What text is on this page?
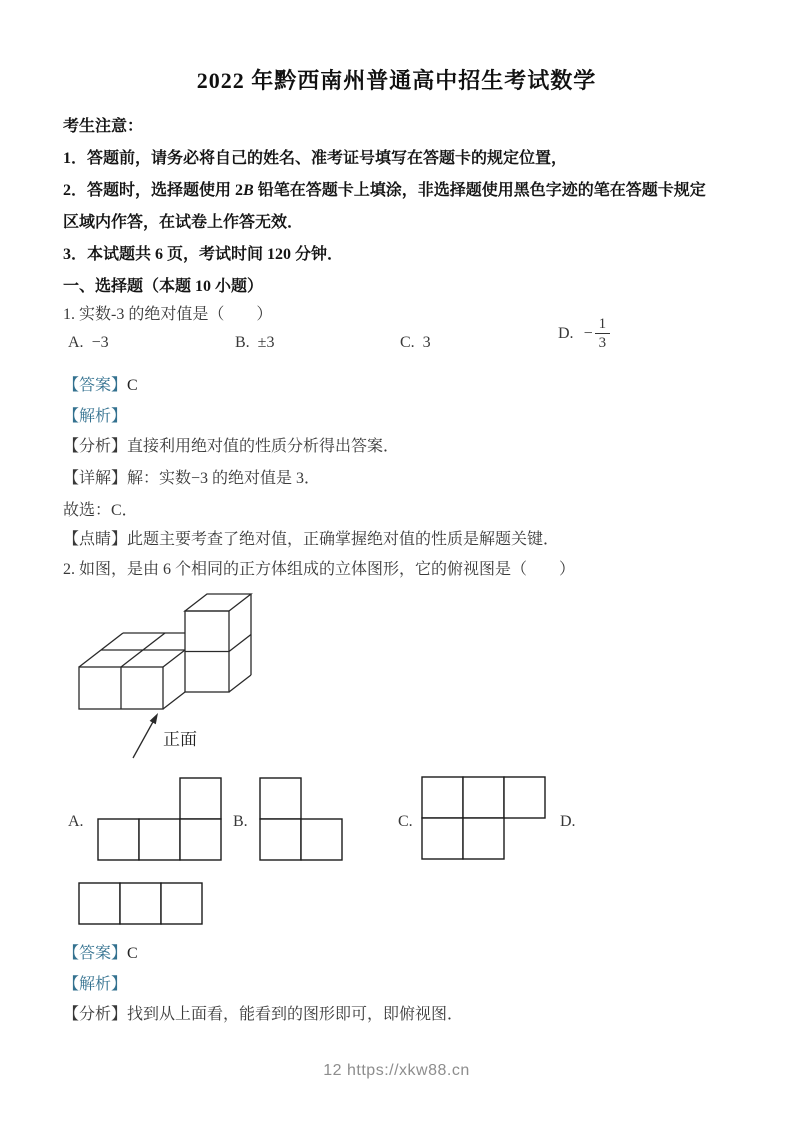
2022 年黔西南州普通高中招生考试数学
考生注意：
1．答题前，请务必将自己的姓名、准考证号填写在答题卡的规定位置，
2．答题时，选择题使用 2B 铅笔在答题卡上填涂，非选择题使用黑色字迹的笔在答题卡规定
区域内作答，在试卷上作答无效．
3．本试题共 6 页，考试时间 120 分钟．
一、选择题（本题 10 小题）
1. 实数-3 的绝对值是（　　）
A. −3	B. ±3	C. 3
D. − $\frac{1}{3}$
【答案】C
【解析】
【分析】直接利用绝对值的性质分析得出答案．
【详解】解：实数−3 的绝对值是 3．
故选：C．
【点睛】此题主要考查了绝对值，正确掌握绝对值的性质是解题关键．
2. 如图，是由 6 个相同的正方体组成的立体图形，它的俯视图是（　　）
正面
A.	B.	C.	D.
【答案】C
【解析】
【分析】找到从上面看，能看到的图形即可，即俯视图．
12 https://xkw88.cn
